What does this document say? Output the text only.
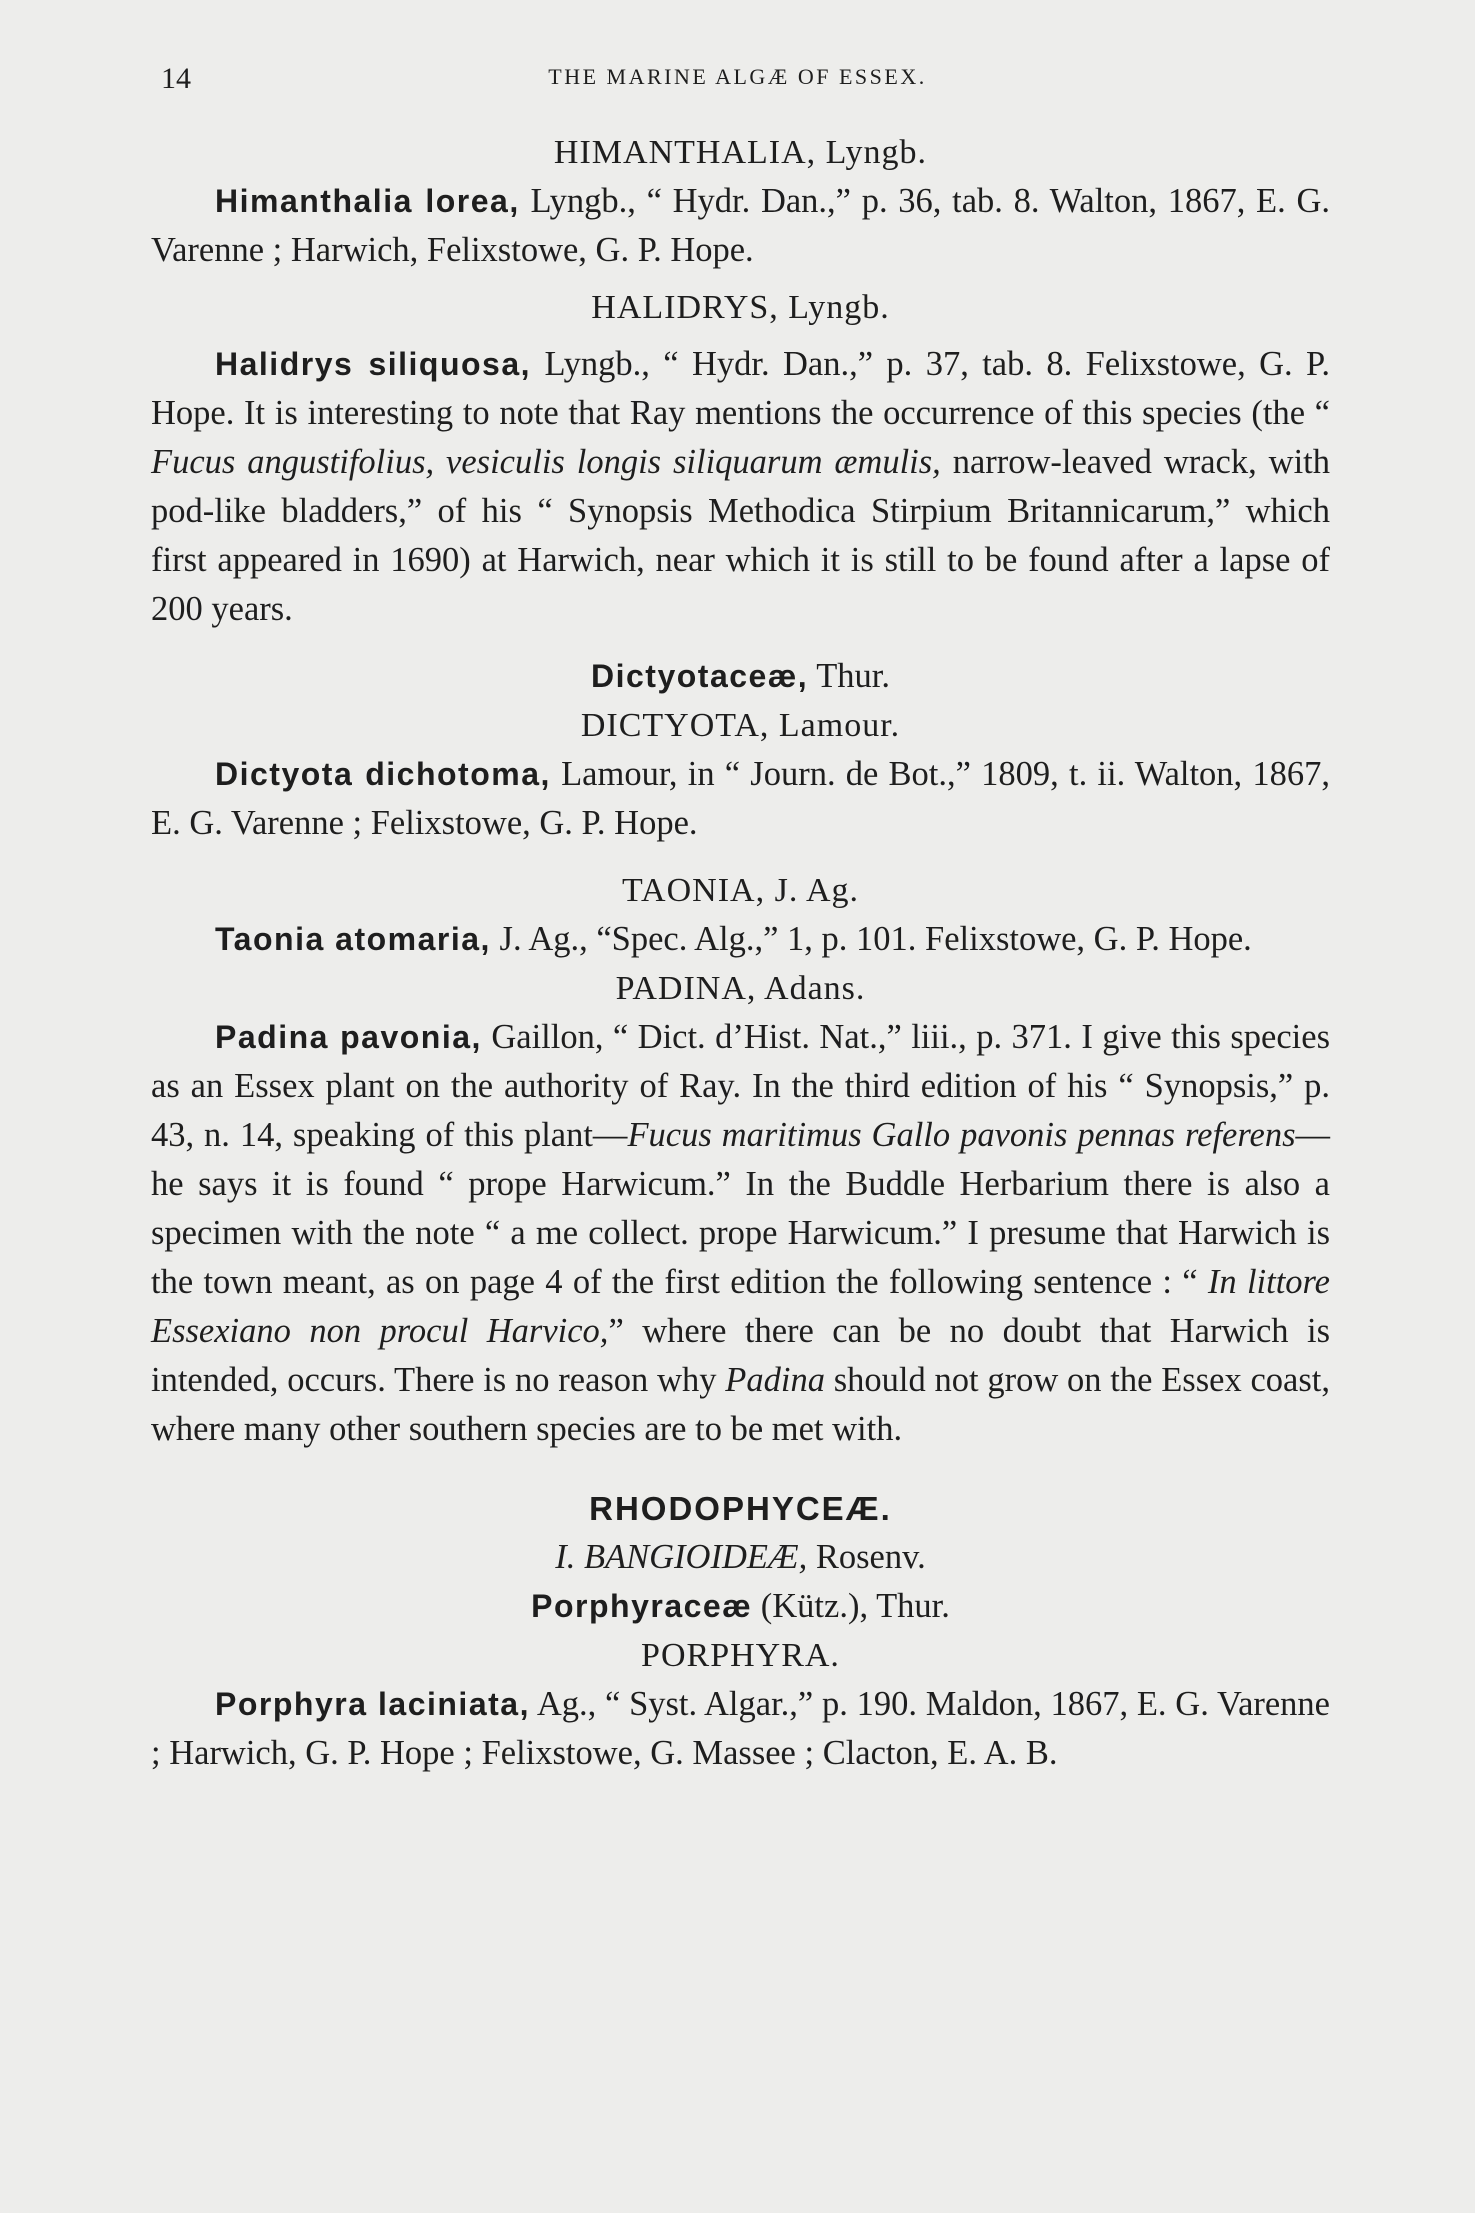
14	THE MARINE ALGÆ OF ESSEX.

HIMANTHALIA, Lyngb.

Himanthalia lorea, Lyngb., “ Hydr. Dan.,” p. 36, tab. 8. Walton, 1867, E. G. Varenne ; Harwich, Felixstowe, G. P. Hope.

HALIDRYS, Lyngb.

Halidrys siliquosa, Lyngb., “ Hydr. Dan.,” p. 37, tab. 8. Felixstowe, G. P. Hope. It is interesting to note that Ray mentions the occurrence of this species (the “ Fucus angustifolius, vesiculis longis siliquarum æmulis, narrow-leaved wrack, with pod-like bladders,” of his “ Synopsis Methodica Stirpium Britannicarum,” which first appeared in 1690) at Harwich, near which it is still to be found after a lapse of 200 years.

Dictyotaceæ, Thur.

DICTYOTA, Lamour.

Dictyota dichotoma, Lamour, in “ Journ. de Bot.,” 1809, t. ii. Walton, 1867, E. G. Varenne ; Felixstowe, G. P. Hope.

TAONIA, J. Ag.

Taonia atomaria, J. Ag., “Spec. Alg.,” 1, p. 101. Felixstowe, G. P. Hope.

PADINA, Adans.

Padina pavonia, Gaillon, “ Dict. d’Hist. Nat.,” liii., p. 371. I give this species as an Essex plant on the authority of Ray. In the third edition of his “ Synopsis,” p. 43, n. 14, speaking of this plant—Fucus maritimus Gallo pavonis pennas referens—he says it is found “ prope Harwicum.” In the Buddle Herbarium there is also a specimen with the note “ a me collect. prope Harwicum.” I presume that Harwich is the town meant, as on page 4 of the first edition the following sentence : “ In littore Essexiano non procul Harvico,” where there can be no doubt that Harwich is intended, occurs. There is no reason why Padina should not grow on the Essex coast, where many other southern species are to be met with.

RHODOPHYCEÆ.

I. BANGIOIDEÆ, Rosenv.

Porphyraceæ (Kütz.), Thur.

PORPHYRA.

Porphyra laciniata, Ag., “ Syst. Algar.,” p. 190. Maldon, 1867, E. G. Varenne ; Harwich, G. P. Hope ; Felixstowe, G. Massee ; Clacton, E. A. B.
